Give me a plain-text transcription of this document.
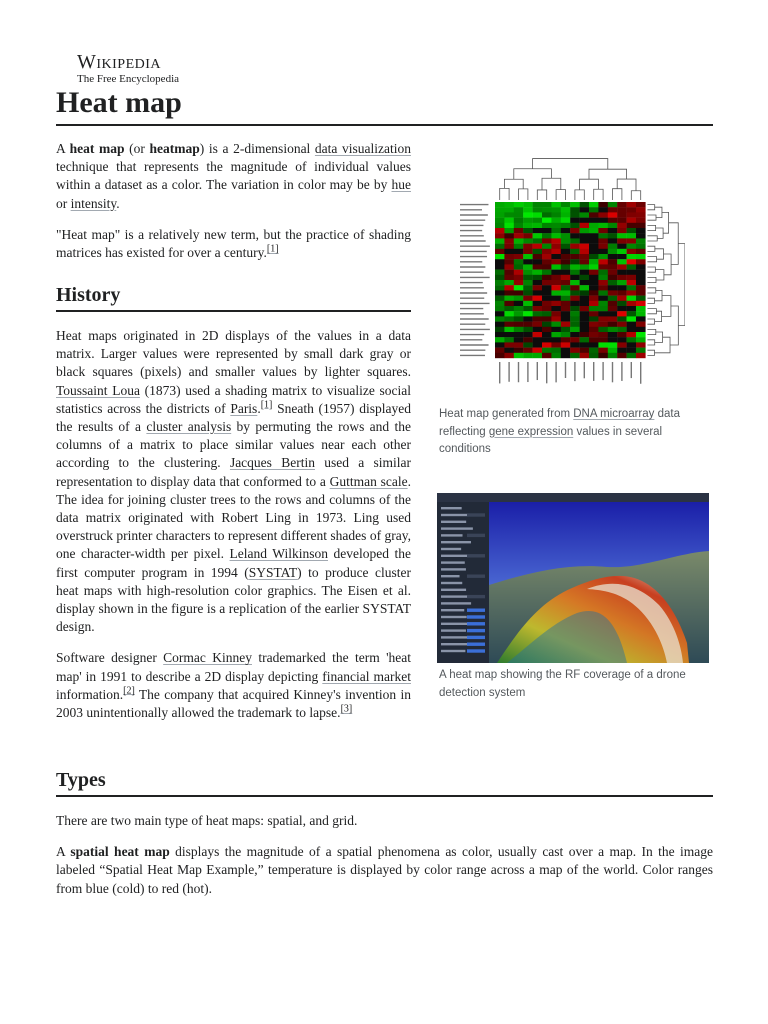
Wikipedia
The Free Encyclopedia
Heat map

A heat map (or heatmap) is a 2-dimensional data visualization technique that represents the magnitude of individual values within a dataset as a color. The variation in color may be by hue or intensity.

"Heat map" is a relatively new term, but the practice of shading matrices has existed for over a century.[1]

History

Heat maps originated in 2D displays of the values in a data matrix. Larger values were represented by small dark gray or black squares (pixels) and smaller values by lighter squares. Toussaint Loua (1873) used a shading matrix to visualize social statistics across the districts of Paris.[1] Sneath (1957) displayed the results of a cluster analysis by permuting the rows and the columns of a matrix to place similar values near each other according to the clustering. Jacques Bertin used a similar representation to display data that conformed to a Guttman scale. The idea for joining cluster trees to the rows and columns of the data matrix originated with Robert Ling in 1973. Ling used overstruck printer characters to represent different shades of gray, one character-width per pixel. Leland Wilkinson developed the first computer program in 1994 (SYSTAT) to produce cluster heat maps with high-resolution color graphics. The Eisen et al. display shown in the figure is a replication of the earlier SYSTAT design.

Software designer Cormac Kinney trademarked the term 'heat map' in 1991 to describe a 2D display depicting financial market information.[2] The company that acquired Kinney's invention in 2003 unintentionally allowed the trademark to lapse.[3]

Heat map generated from DNA microarray data reflecting gene expression values in several conditions
A heat map showing the RF coverage of a drone detection system
Types

There are two main type of heat maps: spatial, and grid.

A spatial heat map displays the magnitude of a spatial phenomena as color, usually cast over a map. In the image labeled “Spatial Heat Map Example,” temperature is displayed by color range across a map of the world. Color ranges from blue (cold) to red (hot).
